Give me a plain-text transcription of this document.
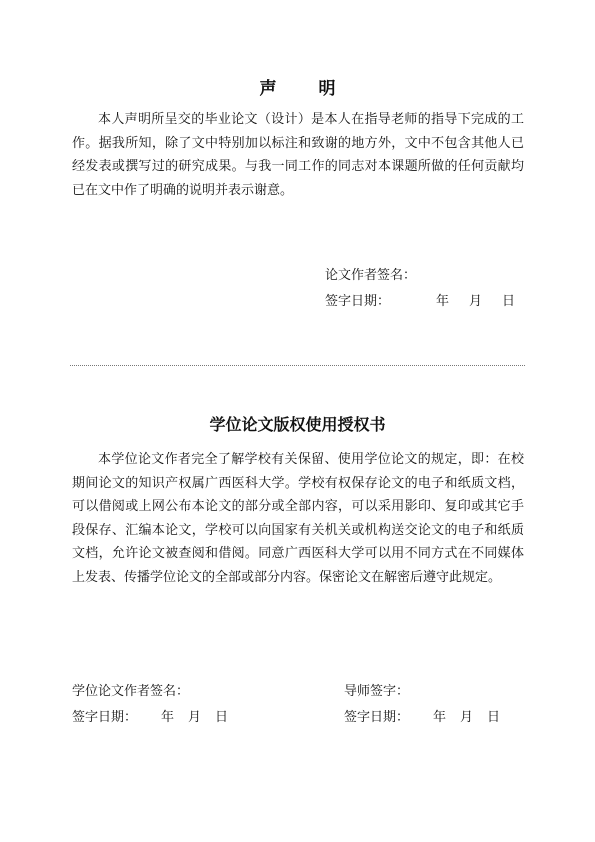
声 明

本人声明所呈交的毕业论文（设计）是本人在指导老师的指导下完成的工作。据我所知，除了文中特别加以标注和致谢的地方外，文中不包含其他人已经发表或撰写过的研究成果。与我一同工作的同志对本课题所做的任何贡献均已在文中作了明确的说明并表示谢意。

论文作者签名：
签字日期：	年 月 日
学位论文版权使用授权书

本学位论文作者完全了解学校有关保留、使用学位论文的规定，即：在校期间论文的知识产权属广西医科大学。学校有权保存论文的电子和纸质文档，可以借阅或上网公布本论文的部分或全部内容，可以采用影印、复印或其它手段保存、汇编本论文，学校可以向国家有关机关或机构送交论文的电子和纸质文档，允许论文被查阅和借阅。同意广西医科大学可以用不同方式在不同媒体上发表、传播学位论文的全部或部分内容。保密论文在解密后遵守此规定。

学位论文作者签名：	导师签字：
签字日期： 年 月 日	签字日期： 年 月 日
